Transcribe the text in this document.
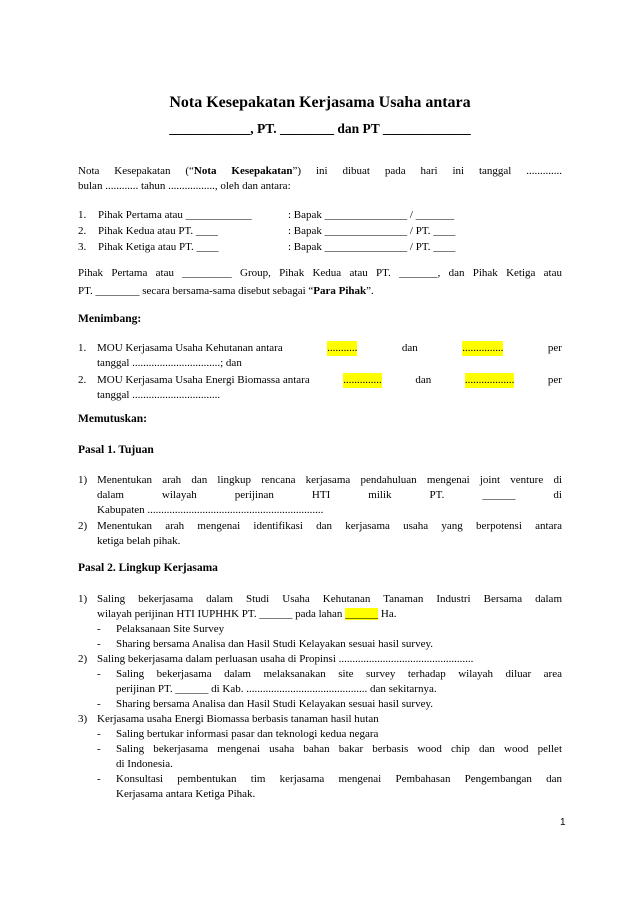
Nota Kesepakatan Kerjasama Usaha antara
____________, PT. ________ dan PT _____________
Nota Kesepakatan (“Nota Kesepakatan”) ini dibuat pada hari ini tanggal .............
bulan ............ tahun ................., oleh dan antara:
1. Pihak Pertama atau ____________	: Bapak _______________ / _______
2. Pihak Kedua atau PT. ____	: Bapak _______________ / PT. ____
3. Pihak Ketiga atau PT. ____	: Bapak _______________ / PT. ____
Pihak Pertama atau _________ Group, Pihak Kedua atau PT. _______, dan Pihak Ketiga atau
PT. ________ secara bersama-sama disebut sebagai “Para Pihak”.
Menimbang:
1. MOU Kerjasama Usaha Kehutanan antara	...........	dan	...............	per
tanggal ................................; dan
2. MOU Kerjasama Usaha Energi Biomassa antara	..............	dan	..................	per
tanggal ................................
Memutuskan:
Pasal 1. Tujuan
1) Menentukan arah dan lingkup rencana kerjasama pendahuluan mengenai joint venture di
dalam	wilayah	perijinan	HTI	milik	PT.	______	di
Kabupaten ................................................................
2) Menentukan arah mengenai identifikasi dan kerjasama usaha yang berpotensi antara
ketiga belah pihak.
Pasal 2. Lingkup Kerjasama
1) Saling bekerjasama dalam Studi Usaha Kehutanan Tanaman Industri Bersama dalam
wilayah perijinan HTI IUPHHK PT. ______ pada lahan ______ Ha.
-	Pelaksanaan Site Survey
-	Sharing bersama Analisa dan Hasil Studi Kelayakan sesuai hasil survey.
2) Saling bekerjasama dalam perluasan usaha di Propinsi .................................................
-	Saling bekerjasama dalam melaksanakan site survey terhadap wilayah diluar area
perijinan PT. ______ di Kab. ............................................ dan sekitarnya.
-	Sharing bersama Analisa dan Hasil Studi Kelayakan sesuai hasil survey.
3) Kerjasama usaha Energi Biomassa berbasis tanaman hasil hutan
-	Saling bertukar informasi pasar dan teknologi kedua negara
-	Saling bekerjasama mengenai usaha bahan bakar berbasis wood chip dan wood pellet
di Indonesia.
-	Konsultasi pembentukan tim kerjasama mengenai Pembahasan Pengembangan dan
Kerjasama antara Ketiga Pihak.
1
